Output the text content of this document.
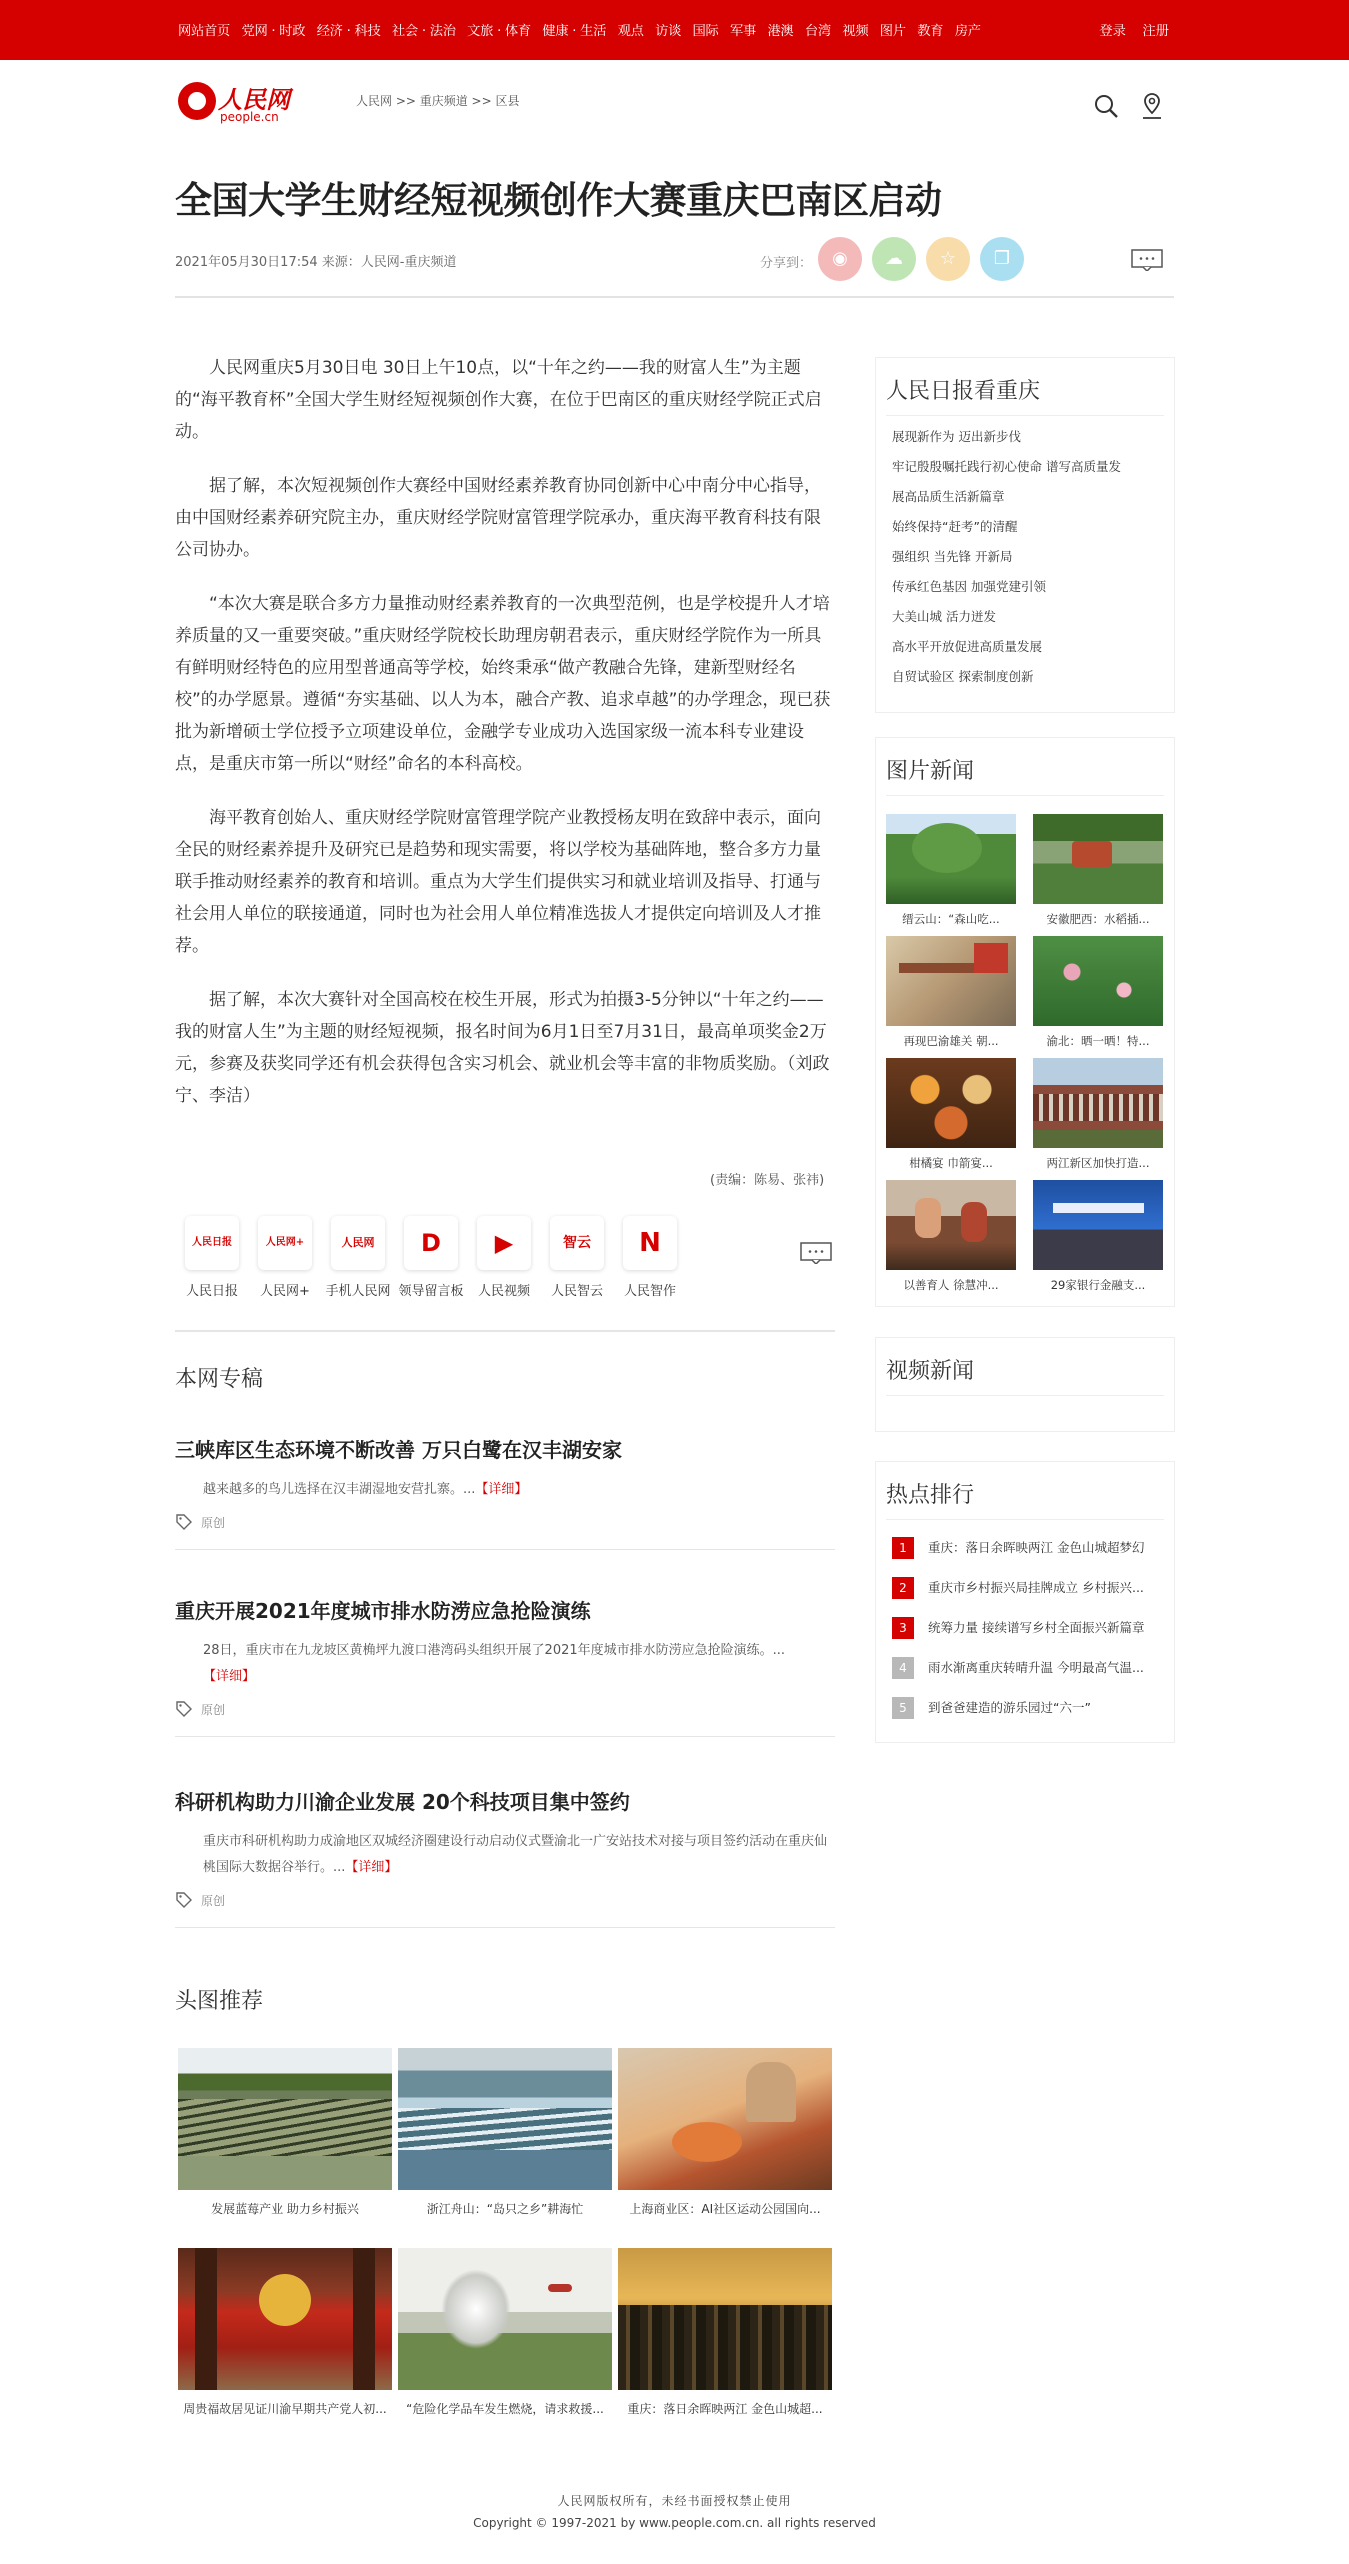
网站首页 党网 · 时政 经济 · 科技 社会 · 法治 文旅 · 体育 健康 · 生活 观点 访谈 国际 军事 港澳 台湾 视频 图片 教育 房产	登录 注册
人民网
people.cn
人民网 >> 重庆频道 >> 区县
全国大学生财经短视频创作大赛重庆巴南区启动
2021年05月30日17:54 来源：人民网-重庆频道	分享到：	◉	☁	☆	❐

人民网重庆5月30日电 30日上午10点，以“十年之约——我的财富人生”为主题的“海平教育杯”全国大学生财经短视频创作大赛，在位于巴南区的重庆财经学院正式启动。

据了解，本次短视频创作大赛经中国财经素养教育协同创新中心中南分中心指导，由中国财经素养研究院主办，重庆财经学院财富管理学院承办，重庆海平教育科技有限公司协办。

“本次大赛是联合多方力量推动财经素养教育的一次典型范例，也是学校提升人才培养质量的又一重要突破。”重庆财经学院校长助理房朝君表示，重庆财经学院作为一所具有鲜明财经特色的应用型普通高等学校，始终秉承“做产教融合先锋，建新型财经名校”的办学愿景。遵循“夯实基础、以人为本，融合产教、追求卓越”的办学理念，现已获批为新增硕士学位授予立项建设单位，金融学专业成功入选国家级一流本科专业建设点，是重庆市第一所以“财经”命名的本科高校。

海平教育创始人、重庆财经学院财富管理学院产业教授杨友明在致辞中表示，面向全民的财经素养提升及研究已是趋势和现实需要，将以学校为基础阵地，整合多方力量联手推动财经素养的教育和培训。重点为大学生们提供实习和就业培训及指导、打通与社会用人单位的联接通道，同时也为社会用人单位精准选拔人才提供定向培训及人才推荐。

据了解，本次大赛针对全国高校在校生开展，形式为拍摄3-5分钟以“十年之约——我的财富人生”为主题的财经短视频，报名时间为6月1日至7月31日，最高单项奖金2万元，参赛及获奖同学还有机会获得包含实习机会、就业机会等丰富的非物质奖励。（刘政宁、李洁）

(责编：陈易、张祎)
人民日报
人民日报
人民网+
人民网+
人民网
手机人民网
D
领导留言板
▶
人民视频
智云
人民智云
N
人民智作
本网专稿
三峡库区生态环境不断改善 万只白鹭在汉丰湖安家

越来越多的鸟儿选择在汉丰湖湿地安营扎寨。...【详细】

原创
重庆开展2021年度城市排水防涝应急抢险演练

28日，重庆市在九龙坡区黄桷坪九渡口港湾码头组织开展了2021年度城市排水防涝应急抢险演练。...【详细】

原创
科研机构助力川渝企业发展 20个科技项目集中签约

重庆市科研机构助力成渝地区双城经济圈建设行动启动仪式暨渝北一广安站技术对接与项目签约活动在重庆仙桃国际大数据谷举行。...【详细】

原创
头图推荐
发展蓝莓产业 助力乡村振兴	浙江舟山：“岛只之乡”耕海忙	上海商业区：AI社区运动公园国向...
周贵福故居见证川渝早期共产党人初...	“危险化学品车发生燃烧，请求救援...	重庆：落日余晖映两江 金色山城超...
人民日报看重庆
展现新作为 迈出新步伐
牢记殷殷嘱托践行初心使命 谱写高质量发
展高品质生活新篇章
始终保持“赶考”的清醒
强组织 当先锋 开新局
传承红色基因 加强党建引领
大美山城 活力迸发
高水平开放促进高质量发展
自贸试验区 探索制度创新
图片新闻
缙云山：“森山吃...	安徽肥西：水稻插...
再现巴渝雄关 朝...	渝北：晒一晒！特...
柑橘宴 巾箭宴...	两江新区加快打造...
以善育人 徐慧冲...	29家银行金融支...
视频新闻
热点排行
1	重庆：落日余晖映两江 金色山城超梦幻
2	重庆市乡村振兴局挂牌成立 乡村振兴...
3	统筹力量 接续谱写乡村全面振兴新篇章
4	雨水渐离重庆转晴升温 今明最高气温...
5	到爸爸建造的游乐园过“六一”
人民网版权所有，未经书面授权禁止使用
Copyright © 1997-2021 by www.people.com.cn. all rights reserved
